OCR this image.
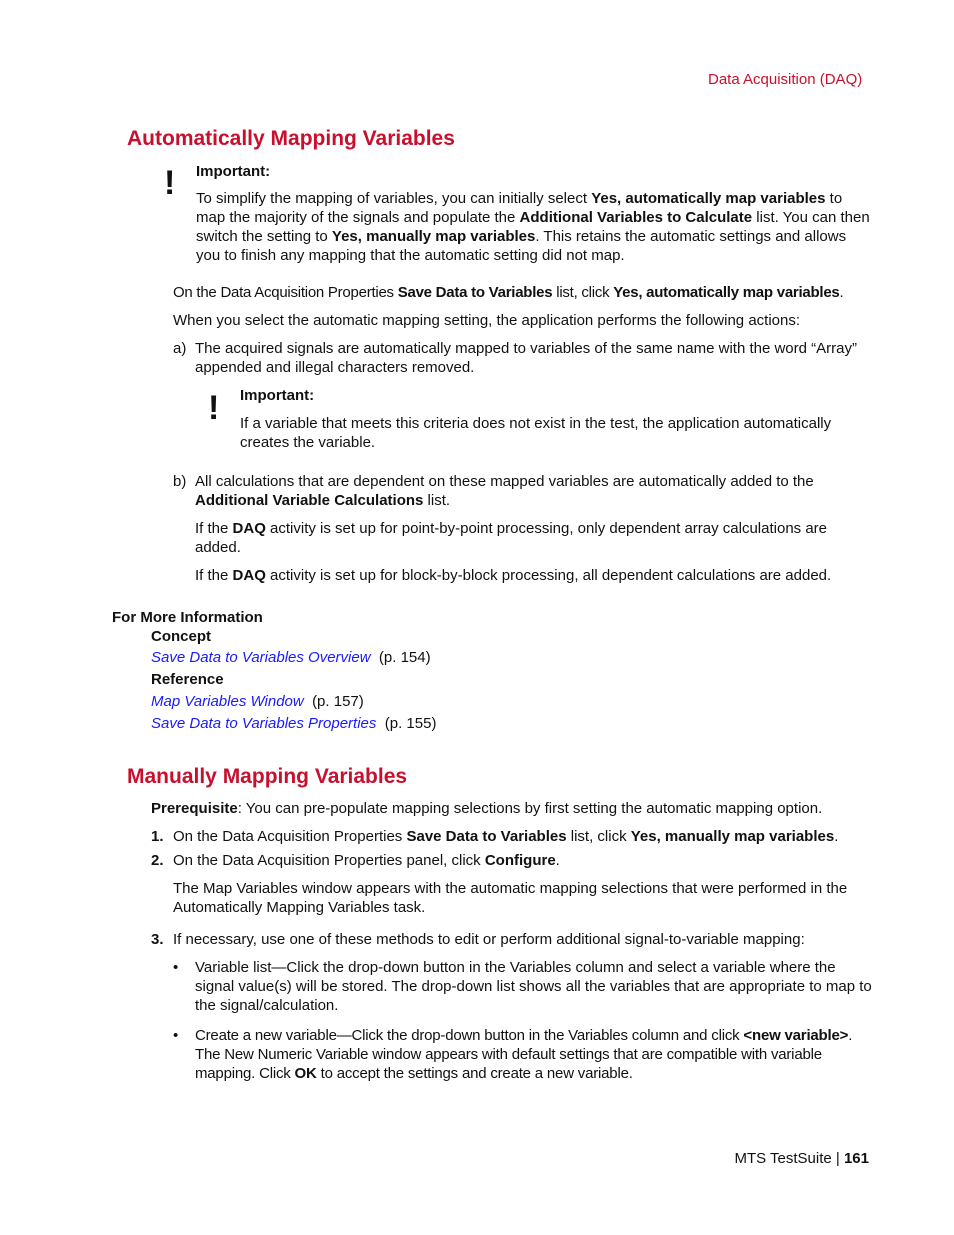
Data Acquisition (DAQ)
Automatically Mapping Variables
! Important:
To simplify the mapping of variables, you can initially select Yes, automatically map variables to map the majority of the signals and populate the Additional Variables to Calculate list. You can then switch the setting to Yes, manually map variables. This retains the automatic settings and allows you to finish any mapping that the automatic setting did not map.
On the Data Acquisition Properties Save Data to Variables list, click Yes, automatically map variables.
When you select the automatic mapping setting, the application performs the following actions:
a) The acquired signals are automatically mapped to variables of the same name with the word “Array” appended and illegal characters removed.
! Important:
If a variable that meets this criteria does not exist in the test, the application automatically creates the variable.
b) All calculations that are dependent on these mapped variables are automatically added to the Additional Variable Calculations list.
If the DAQ activity is set up for point-by-point processing, only dependent array calculations are added.
If the DAQ activity is set up for block-by-block processing, all dependent calculations are added.
For More Information
Concept
Save Data to Variables Overview (p. 154)
Reference
Map Variables Window (p. 157)
Save Data to Variables Properties (p. 155)
Manually Mapping Variables
Prerequisite: You can pre-populate mapping selections by first setting the automatic mapping option.
1. On the Data Acquisition Properties Save Data to Variables list, click Yes, manually map variables.
2. On the Data Acquisition Properties panel, click Configure.
The Map Variables window appears with the automatic mapping selections that were performed in the Automatically Mapping Variables task.
3. If necessary, use one of these methods to edit or perform additional signal-to-variable mapping:
• Variable list—Click the drop-down button in the Variables column and select a variable where the signal value(s) will be stored. The drop-down list shows all the variables that are appropriate to map to the signal/calculation.
• Create a new variable—Click the drop-down button in the Variables column and click <new variable>. The New Numeric Variable window appears with default settings that are compatible with variable mapping. Click OK to accept the settings and create a new variable.
MTS TestSuite | 161
